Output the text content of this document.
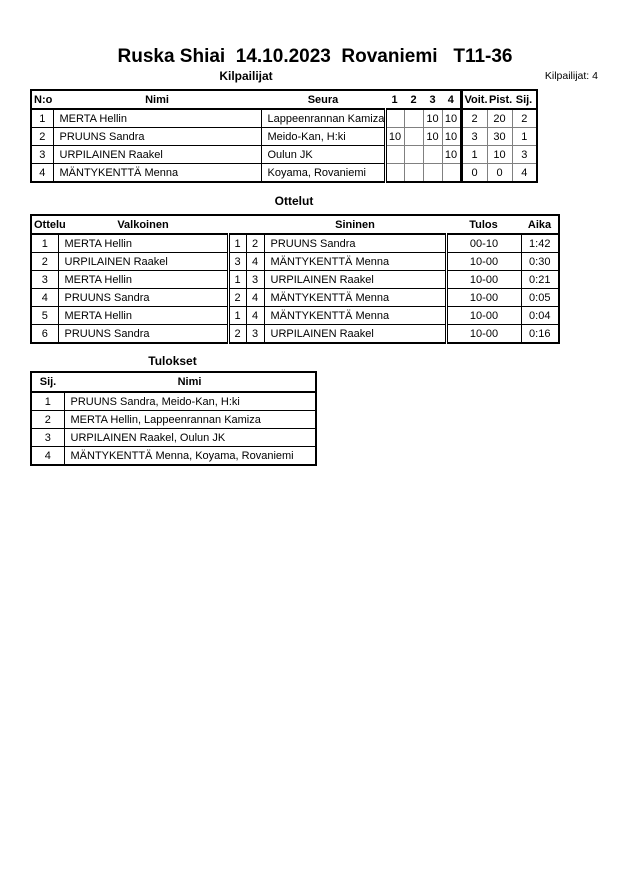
Ruska Shiai  14.10.2023  Rovaniemi   T11-36
Kilpailijat	Kilpailijat: 4
N:o	Nimi	Seura	1	2	3	4	Voit.	Pist.	Sij.
1	MERTA Hellin	Lappeenrannan Kamiza			10	10	2	20	2
2	PRUUNS Sandra	Meido-Kan, H:ki	10		10	10	3	30	1
3	URPILAINEN Raakel	Oulun JK				10	1	10	3
4	MÄNTYKENTTÄ Menna	Koyama, Rovaniemi					0	0	4
Ottelut
Ottelu	Valkoinen			Sininen	Tulos	Aika
1	MERTA Hellin	1	2	PRUUNS Sandra	00-10	1:42
2	URPILAINEN Raakel	3	4	MÄNTYKENTTÄ Menna	10-00	0:30
3	MERTA Hellin	1	3	URPILAINEN Raakel	10-00	0:21
4	PRUUNS Sandra	2	4	MÄNTYKENTTÄ Menna	10-00	0:05
5	MERTA Hellin	1	4	MÄNTYKENTTÄ Menna	10-00	0:04
6	PRUUNS Sandra	2	3	URPILAINEN Raakel	10-00	0:16
Tulokset
Sij.	Nimi
1	PRUUNS Sandra, Meido-Kan, H:ki
2	MERTA Hellin, Lappeenrannan Kamiza
3	URPILAINEN Raakel, Oulun JK
4	MÄNTYKENTTÄ Menna, Koyama, Rovaniemi
